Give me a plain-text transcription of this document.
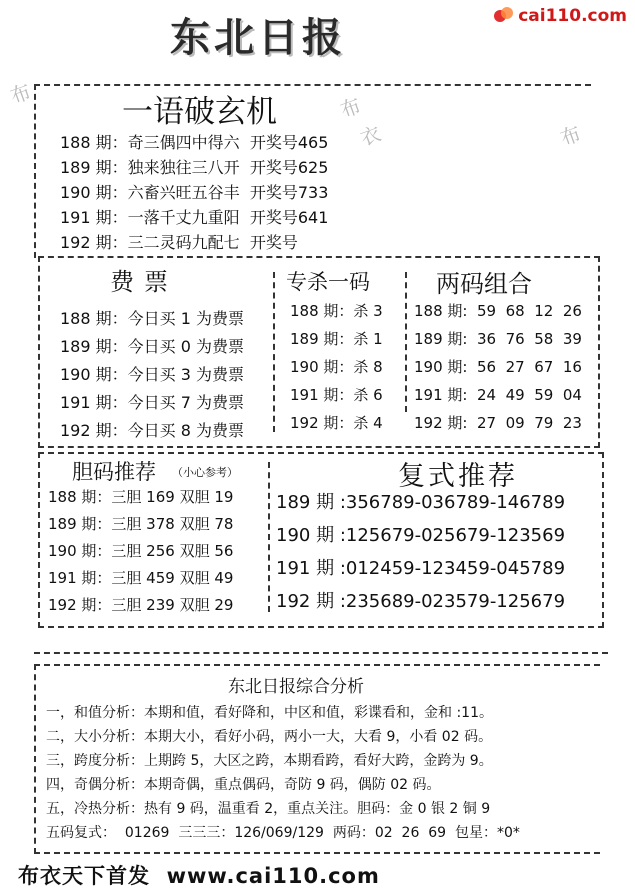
东北日报	cai110.com
布	布
衣	布
一语破玄机
188 期：奇三偶四中得六 开奖号465
189 期：独来独往三八开 开奖号625
190 期：六畜兴旺五谷丰 开奖号733
191 期：一落千丈九重阳 开奖号641
192 期：三二灵码九配七 开奖号
费票
188 期：今日买 1 为费票
189 期：今日买 0 为费票
190 期：今日买 3 为费票
191 期：今日买 7 为费票
192 期：今日买 8 为费票
专杀一码
188 期：杀 3
189 期：杀 1
190 期：杀 8
191 期：杀 6
192 期：杀 4
两码组合
188 期:  59  68  12  26
189 期:  36  76  58  39
190 期:  56  27  67  16
191 期:  24  49  59  04
192 期:  27  09  79  23
胆码推荐 （小心参考）
188 期：三胆 169 双胆 19
189 期：三胆 378 双胆 78
190 期：三胆 256 双胆 56
191 期：三胆 459 双胆 49
192 期：三胆 239 双胆 29
复式推荐
189 期 :356789-036789-146789
190 期 :125679-025679-123569
191 期 :012459-123459-045789
192 期 :235689-023579-125679
东北日报综合分析
一，和值分析：本期和值，看好降和，中区和值，彩谍看和，金和 :11。
二，大小分析：本期大小，看好小码，两小一大，大看 9，小看 02 码。
三，跨度分析：上期跨 5，大区之跨，本期看跨，看好大跨，金跨为 9。
四，奇偶分析：本期奇偶，重点偶码，奇防 9 码，偶防 02 码。
五，冷热分析：热有 9 码，温重看 2，重点关注。胆码：金 0 银 2 铜 9
五码复式：  01269  三三三：126/069/129  两码：02  26  69  包星：*0*
布衣天下首发  www.cai110.com
